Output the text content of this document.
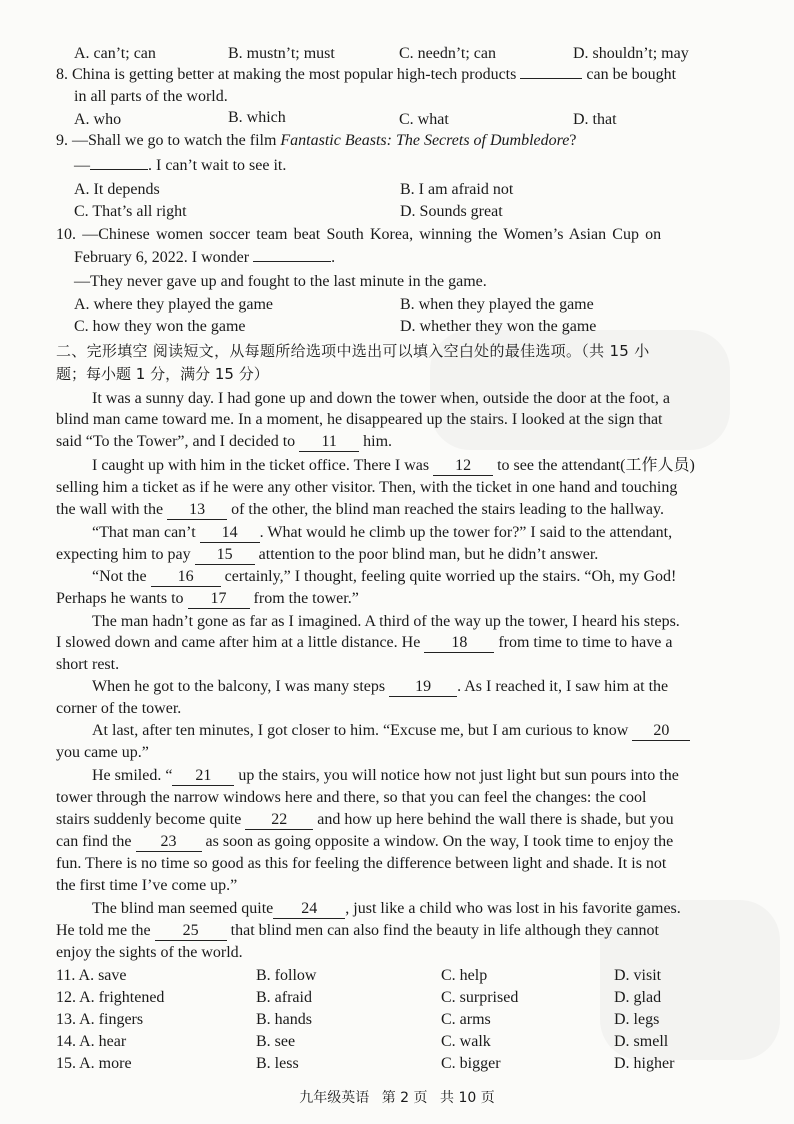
A. can’t; can	B. mustn’t; must	C. needn’t; can	D. shouldn’t; may
8. China is getting better at making the most popular high-tech products	can be bought
in all parts of the world.
A. who	B. which	C. what	D. that
9. —Shall we go to watch the film Fantastic Beasts: The Secrets of Dumbledore?
—	. I can’t wait to see it.
A. It depends	B. I am afraid not
C. That’s all right	D. Sounds great
10. —Chinese women soccer team beat South Korea, winning the Women’s Asian Cup on
February 6, 2022. I wonder	.
—They never gave up and fought to the last minute in the game.
A. where they played the game	B. when they played the game
C. how they won the game	D. whether they won the game
二、完形填空 阅读短文，从每题所给选项中选出可以填入空白处的最佳选项。（共 15 小
题；每小题 1 分，满分 15 分）
It was a sunny day. I had gone up and down the tower when, outside the door at the foot, a
blind man came toward me. In a moment, he disappeared up the stairs. I looked at the sign that
said “To the Tower”, and I decided to 11 him.
I caught up with him in the ticket office. There I was 12 to see the attendant(工作人员)
selling him a ticket as if he were any other visitor. Then, with the ticket in one hand and touching
the wall with the 13 of the other, the blind man reached the stairs leading to the hallway.
“That man can’t 14 . What would he climb up the tower for?” I said to the attendant,
expecting him to pay 15 attention to the poor blind man, but he didn’t answer.
“Not the 16 certainly,” I thought, feeling quite worried up the stairs. “Oh, my God!
Perhaps he wants to 17 from the tower.”
The man hadn’t gone as far as I imagined. A third of the way up the tower, I heard his steps.
I slowed down and came after him at a little distance. He 18 from time to time to have a
short rest.
When he got to the balcony, I was many steps 19 . As I reached it, I saw him at the
corner of the tower.
At last, after ten minutes, I got closer to him. “Excuse me, but I am curious to know 20
you came up.”
He smiled. “ 21 up the stairs, you will notice how not just light but sun pours into the
tower through the narrow windows here and there, so that you can feel the changes: the cool
stairs suddenly become quite 22 and how up here behind the wall there is shade, but you
can find the 23 as soon as going opposite a window. On the way, I took time to enjoy the
fun. There is no time so good as this for feeling the difference between light and shade. It is not
the first time I’ve come up.”
The blind man seemed quite 24 , just like a child who was lost in his favorite games.
He told me the 25 that blind men can also find the beauty in life although they cannot
enjoy the sights of the world.
11. A. save	B. follow	C. help	D. visit
12. A. frightened	B. afraid	C. surprised	D. glad
13. A. fingers	B. hands	C. arms	D. legs
14. A. hear	B. see	C. walk	D. smell
15. A. more	B. less	C. bigger	D. higher
九年级英语 第 2 页 共 10 页
